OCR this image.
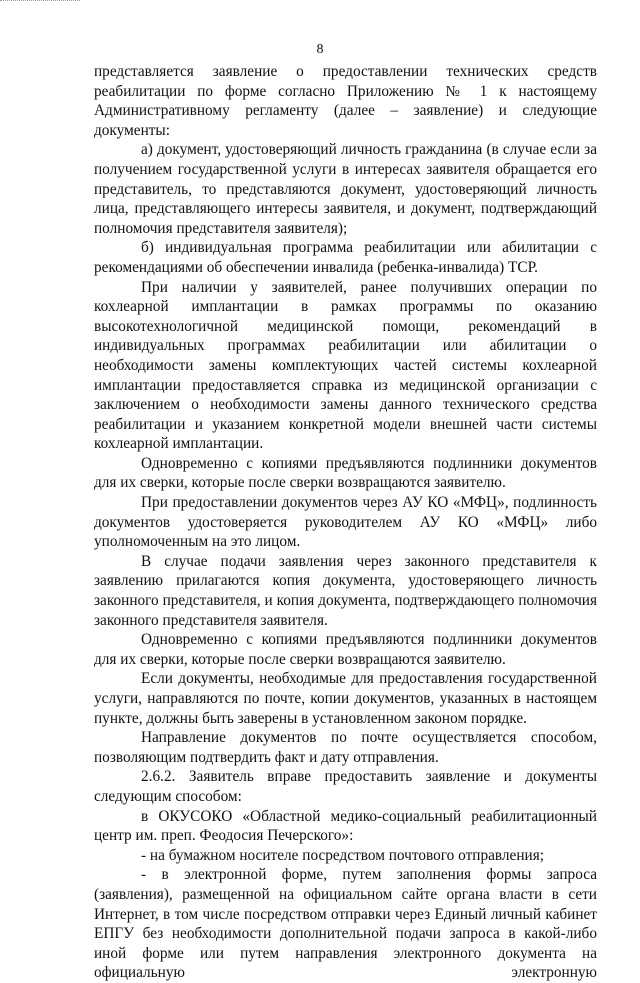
8

представляется заявление о предоставлении технических средств реабилитации по форме согласно Приложению № 1 к настоящему Административному регламенту (далее – заявление) и следующие документы:

а) документ, удостоверяющий личность гражданина (в случае если за получением государственной услуги в интересах заявителя обращается его представитель, то представляются документ, удостоверяющий личность лица, представляющего интересы заявителя, и документ, подтверждающий полномочия представителя заявителя);

б) индивидуальная программа реабилитации или абилитации с рекомендациями об обеспечении инвалида (ребенка-инвалида) ТСР.

При наличии у заявителей, ранее получивших операции по кохлеарной имплантации в рамках программы по оказанию высокотехнологичной медицинской помощи, рекомендаций в индивидуальных программах реабилитации или абилитации о необходимости замены комплектующих частей системы кохлеарной имплантации предоставляется справка из медицинской организации с заключением о необходимости замены данного технического средства реабилитации и указанием конкретной модели внешней части системы кохлеарной имплантации.

Одновременно с копиями предъявляются подлинники документов для их сверки, которые после сверки возвращаются заявителю.

При предоставлении документов через АУ КО «МФЦ», подлинность документов удостоверяется руководителем АУ КО «МФЦ» либо уполномоченным на это лицом.

В случае подачи заявления через законного представителя к заявлению прилагаются копия документа, удостоверяющего личность законного представителя, и копия документа, подтверждающего полномочия законного представителя заявителя.

Одновременно с копиями предъявляются подлинники документов для их сверки, которые после сверки возвращаются заявителю.

Если документы, необходимые для предоставления государственной услуги, направляются по почте, копии документов, указанных в настоящем пункте, должны быть заверены в установленном законом порядке.

Направление документов по почте осуществляется способом, позволяющим подтвердить факт и дату отправления.

2.6.2. Заявитель вправе предоставить заявление и документы следующим способом:

в ОКУСОКО «Областной медико-социальный реабилитационный центр им. преп. Феодосия Печерского»:

- на бумажном носителе посредством почтового отправления;

- в электронной форме, путем заполнения формы запроса (заявления), размещенной на официальном сайте органа власти в сети Интернет, в том числе посредством отправки через Единый личный кабинет ЕПГУ без необходимости дополнительной подачи запроса в какой-либо иной форме или путем направления электронного документа на официальную электронную
